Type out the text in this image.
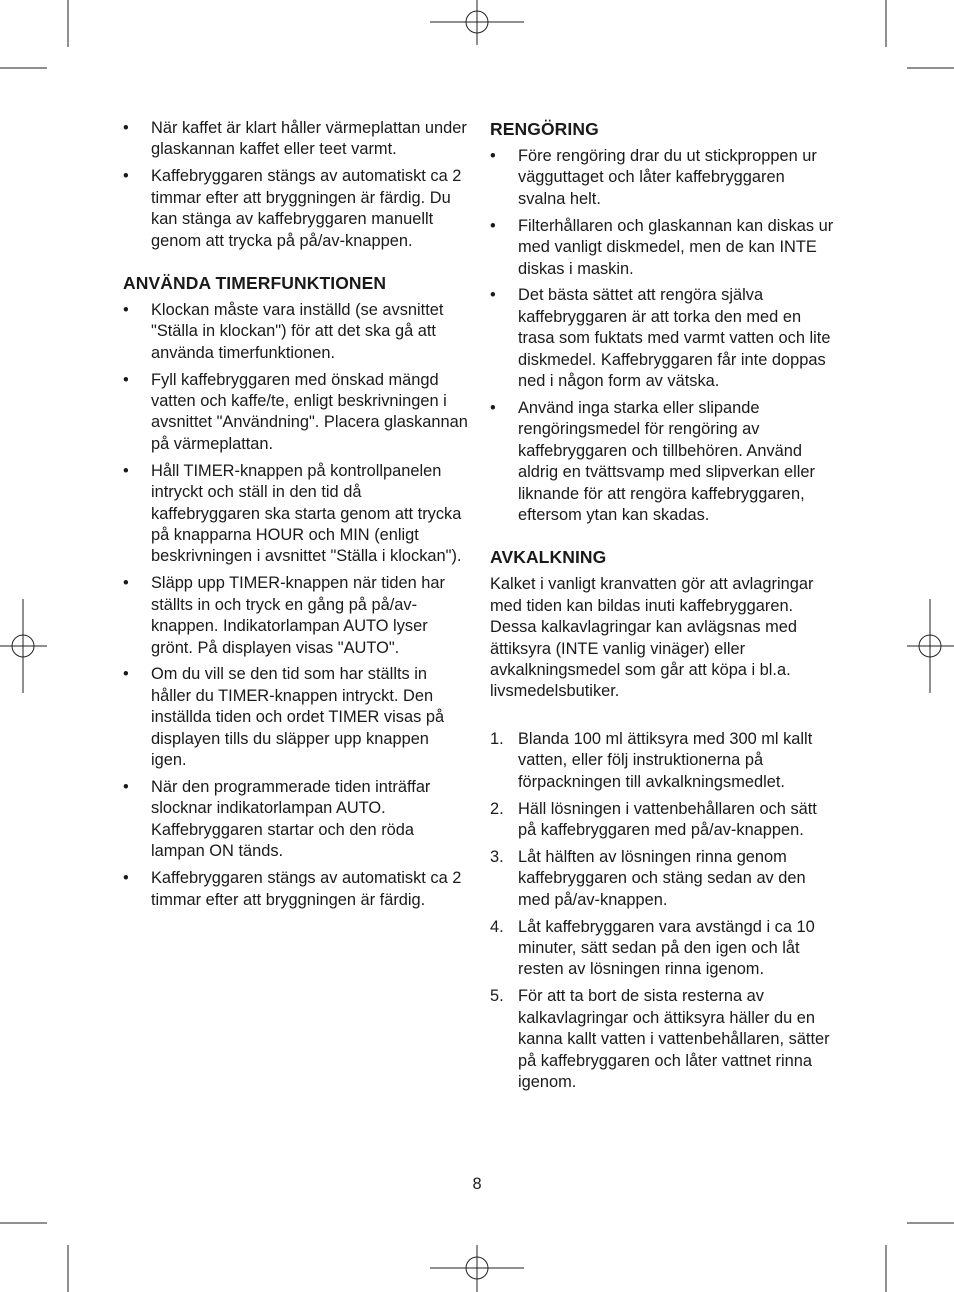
• När kaffet är klart håller värmeplattan under glaskannan kaffet eller teet varmt.
• Kaffebryggaren stängs av automatiskt ca 2 timmar efter att bryggningen är färdig. Du kan stänga av kaffebryggaren manuellt genom att trycka på på/av-knappen.
ANVÄNDA TIMERFUNKTIONEN
• Klockan måste vara inställd (se avsnittet "Ställa in klockan") för att det ska gå att använda timerfunktionen.
• Fyll kaffebryggaren med önskad mängd vatten och kaffe/te, enligt beskrivningen i avsnittet "Användning". Placera glaskannan på värmeplattan.
• Håll TIMER-knappen på kontrollpanelen intryckt och ställ in den tid då kaffebryggaren ska starta genom att trycka på knapparna HOUR och MIN (enligt beskrivningen i avsnittet "Ställa i klockan").
• Släpp upp TIMER-knappen när tiden har ställts in och tryck en gång på på/av-knappen. Indikatorlampan AUTO lyser grönt. På displayen visas "AUTO".
• Om du vill se den tid som har ställts in håller du TIMER-knappen intryckt. Den inställda tiden och ordet TIMER visas på displayen tills du släpper upp knappen igen.
• När den programmerade tiden inträffar slocknar indikatorlampan AUTO. Kaffebryggaren startar och den röda lampan ON tänds.
• Kaffebryggaren stängs av automatiskt ca 2 timmar efter att bryggningen är färdig.
RENGÖRING
• Före rengöring drar du ut stickproppen ur vägguttaget och låter kaffebryggaren svalna helt.
• Filterhållaren och glaskannan kan diskas ur med vanligt diskmedel, men de kan INTE diskas i maskin.
• Det bästa sättet att rengöra själva kaffebryggaren är att torka den med en trasa som fuktats med varmt vatten och lite diskmedel. Kaffebryggaren får inte doppas ned i någon form av vätska.
• Använd inga starka eller slipande rengöringsmedel för rengöring av kaffebryggaren och tillbehören. Använd aldrig en tvättsvamp med slipverkan eller liknande för att rengöra kaffebryggaren, eftersom ytan kan skadas.
AVKALKNING

Kalket i vanligt kranvatten gör att avlagringar med tiden kan bildas inuti kaffebryggaren. Dessa kalkavlagringar kan avlägsnas med ättiksyra (INTE vanlig vinäger) eller avkalkningsmedel som går att köpa i bl.a. livsmedelsbutiker.

1. Blanda 100 ml ättiksyra med 300 ml kallt vatten, eller följ instruktionerna på förpackningen till avkalkningsmedlet.
2. Häll lösningen i vattenbehållaren och sätt på kaffebryggaren med på/av-knappen.
3. Låt hälften av lösningen rinna genom kaffebryggaren och stäng sedan av den med på/av-knappen.
4. Låt kaffebryggaren vara avstängd i ca 10 minuter, sätt sedan på den igen och låt resten av lösningen rinna igenom.
5. För att ta bort de sista resterna av kalkavlagringar och ättiksyra häller du en kanna kallt vatten i vattenbehållaren, sätter på kaffebryggaren och låter vattnet rinna igenom.
8
